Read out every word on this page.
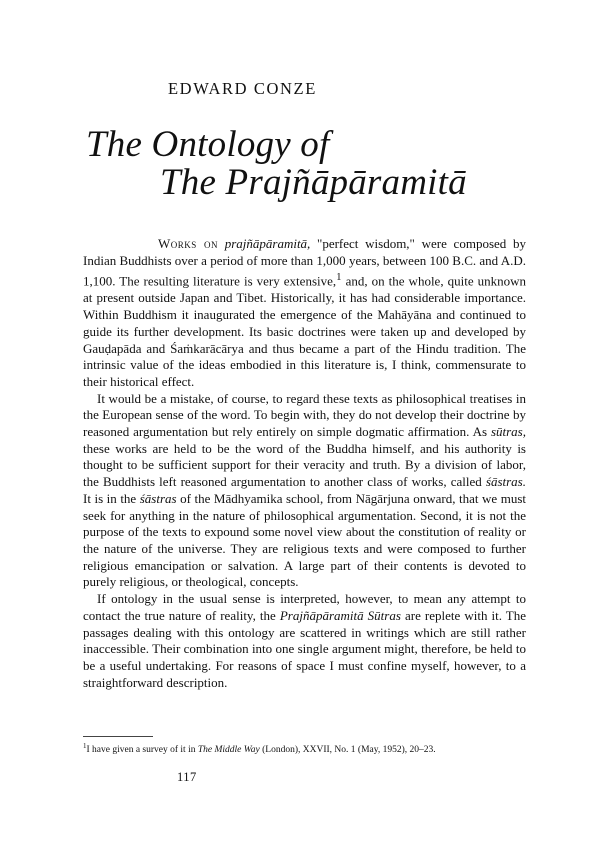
EDWARD CONZE
The Ontology of
The Prajñāpāramitā

Works on prajñāpāramitā, "perfect wisdom," were composed by Indian Buddhists over a period of more than 1,000 years, between 100 B.C. and A.D. 1,100. The resulting literature is very extensive,$^1$ and, on the whole, quite unknown at present outside Japan and Tibet. Historically, it has had considerable importance. Within Buddhism it inaugurated the emergence of the Mahāyāna and continued to guide its further development. Its basic doctrines were taken up and developed by Gauḍapāda and Śaṁkarācārya and thus became a part of the Hindu tradition. The intrinsic value of the ideas embodied in this literature is, I think, commensurate to their historical effect.

It would be a mistake, of course, to regard these texts as philosophical treatises in the European sense of the word. To begin with, they do not develop their doctrine by reasoned argumentation but rely entirely on simple dogmatic affirmation. As sūtras, these works are held to be the word of the Buddha himself, and his authority is thought to be sufficient support for their veracity and truth. By a division of labor, the Buddhists left reasoned argumentation to another class of works, called śāstras. It is in the śāstras of the Mādhyamika school, from Nāgārjuna onward, that we must seek for anything in the nature of philosophical argumentation. Second, it is not the purpose of the texts to expound some novel view about the constitution of reality or the nature of the universe. They are religious texts and were composed to further religious emancipation or salvation. A large part of their contents is devoted to purely religious, or theological, concepts.

If ontology in the usual sense is interpreted, however, to mean any attempt to contact the true nature of reality, the Prajñāpāramitā Sūtras are replete with it. The passages dealing with this ontology are scattered in writings which are still rather inaccessible. Their combination into one single argument might, therefore, be held to be a useful undertaking. For reasons of space I must confine myself, however, to a straightforward description.

$^1$I have given a survey of it in The Middle Way (London), XXVII, No. 1 (May, 1952), 20–23.
117
